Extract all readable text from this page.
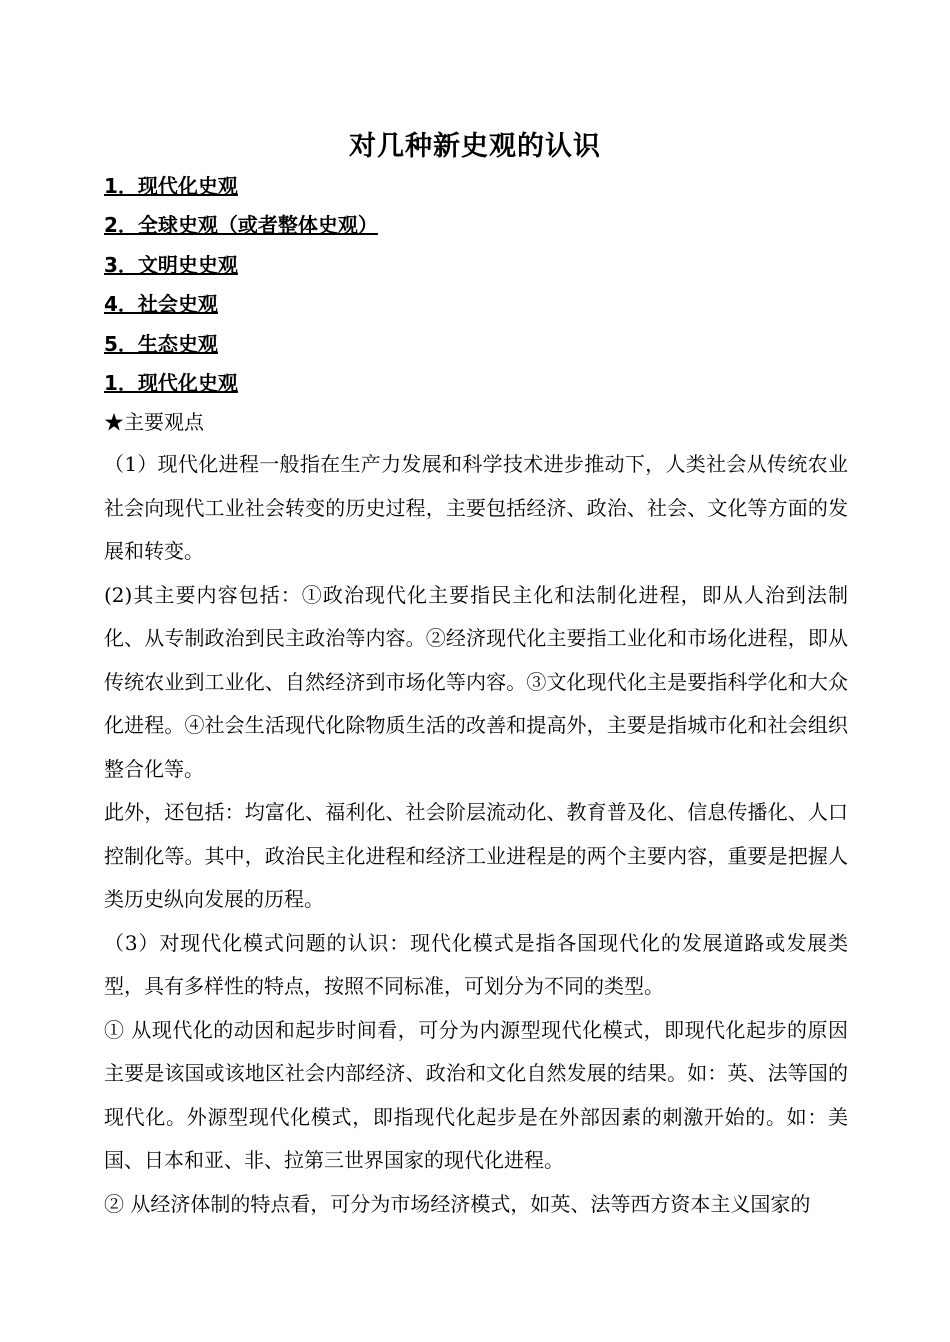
对几种新史观的认识
1．现代化史观
2．全球史观（或者整体史观）
3．文明史史观
4．社会史观
5．生态史观
1．现代化史观
★主要观点

（1）现代化进程一般指在生产力发展和科学技术进步推动下，人类社会从传统农业社会向现代工业社会转变的历史过程，主要包括经济、政治、社会、文化等方面的发展和转变。

(2)其主要内容包括：①政治现代化主要指民主化和法制化进程，即从人治到法制化、从专制政治到民主政治等内容。②经济现代化主要指工业化和市场化进程，即从传统农业到工业化、自然经济到市场化等内容。③文化现代化主是要指科学化和大众化进程。④社会生活现代化除物质生活的改善和提高外，主要是指城市化和社会组织整合化等。

此外，还包括：均富化、福利化、社会阶层流动化、教育普及化、信息传播化、人口控制化等。其中，政治民主化进程和经济工业进程是的两个主要内容，重要是把握人类历史纵向发展的历程。

（3）对现代化模式问题的认识：现代化模式是指各国现代化的发展道路或发展类型，具有多样性的特点，按照不同标准，可划分为不同的类型。

① 从现代化的动因和起步时间看，可分为内源型现代化模式，即现代化起步的原因主要是该国或该地区社会内部经济、政治和文化自然发展的结果。如：英、法等国的现代化。外源型现代化模式，即指现代化起步是在外部因素的刺激开始的。如：美国、日本和亚、非、拉第三世界国家的现代化进程。

② 从经济体制的特点看，可分为市场经济模式，如英、法等西方资本主义国家的
